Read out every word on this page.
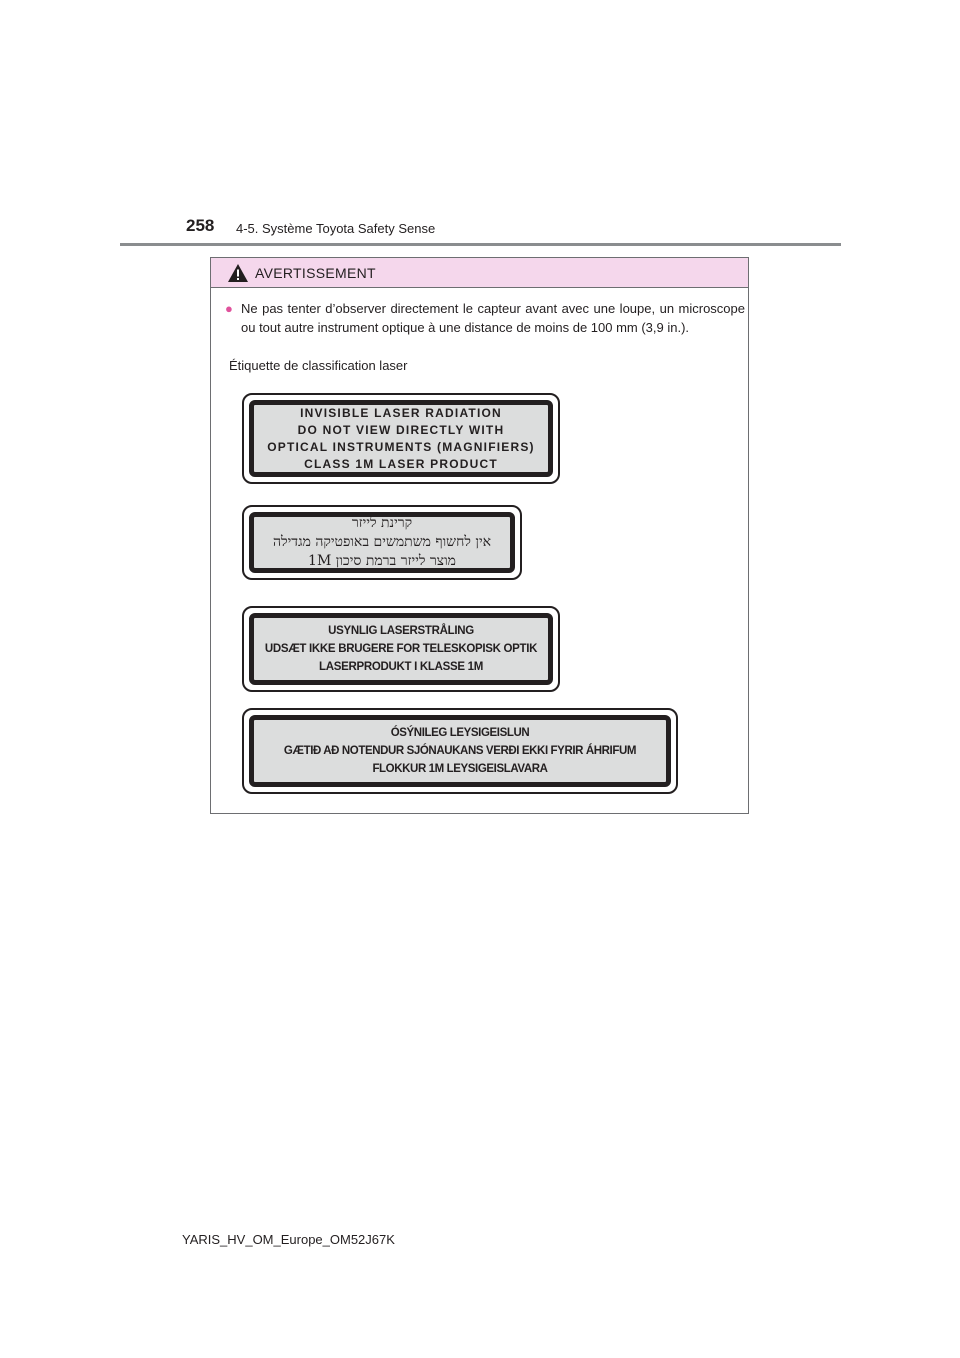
258 4-5. Système Toyota Safety Sense
AVERTISSEMENT
● Ne pas tenter d’observer directement le capteur avant avec une loupe, un microscope ou tout autre instrument optique à une distance de moins de 100 mm (3,9 in.).
Étiquette de classification laser
INVISIBLE LASER RADIATION
DO NOT VIEW DIRECTLY WITH
OPTICAL INSTRUMENTS (MAGNIFIERS)
CLASS 1M LASER PRODUCT
קרינת לייזר
אין לחשוף משתמשים באופטיקה מגדילה
מוצר לייזר ברמת סיכון 1M
USYNLIG LASERSTRÅLING
UDSÆT IKKE BRUGERE FOR TELESKOPISK OPTIK
LASERPRODUKT I KLASSE 1M
ÓSÝNILEG LEYSIGEISLUN
GÆTIÐ AÐ NOTENDUR SJÓNAUKANS VERÐI EKKI FYRIR ÁHRIFUM
FLOKKUR 1M LEYSIGEISLAVARA
YARIS_HV_OM_Europe_OM52J67K
